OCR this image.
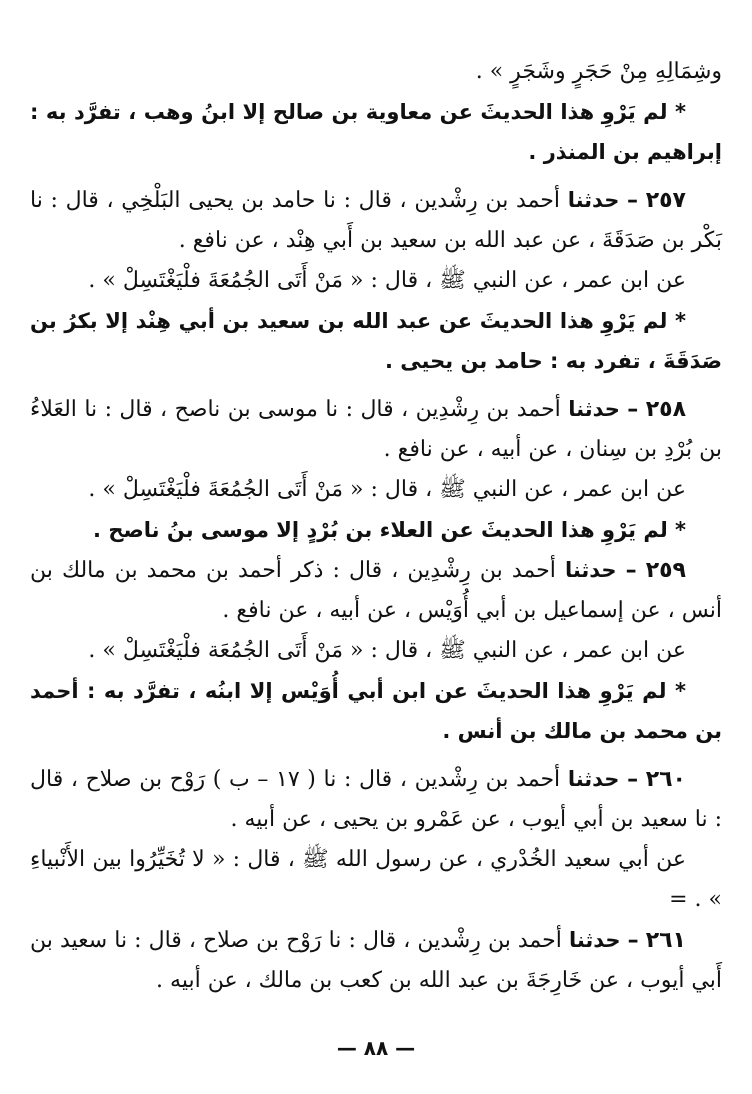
وشِمَالِهِ مِنْ حَجَرٍ وشَجَرٍ » .

* لم يَرْوِ هذا الحديثَ عن معاوية بن صالح إلا ابنُ وهب ، تفرَّد به : إبراهيم بن المنذر .

٢٥٧ – حدثنا أحمد بن رِشْدين ، قال : نا حامد بن يحيى البَلْخِي ، قال : نا بَكْر بن صَدَقَةَ ، عن عبد الله بن سعيد بن أَبي هِنْد ، عن نافع .

عن ابن عمر ، عن النبي ﷺ ، قال : « مَنْ أَتَى الجُمُعَةَ فلْيَغْتَسِلْ » .

* لم يَرْوِ هذا الحديثَ عن عبد الله بن سعيد بن أبي هِنْد إلا بكرُ بن صَدَقَةَ ، تفرد به : حامد بن يحيى .

٢٥٨ – حدثنا أحمد بن رِشْدِين ، قال : نا موسى بن ناصح ، قال : نا العَلاءُ بن بُرْدِ بن سِنان ، عن أبيه ، عن نافع .

عن ابن عمر ، عن النبي ﷺ ، قال : « مَنْ أَتَى الجُمُعَةَ فلْيَغْتَسِلْ » .

* لم يَرْوِ هذا الحديثَ عن العلاء بن بُرْدٍ إلا موسى بنُ ناصح .

٢٥٩ – حدثنا أحمد بن رِشْدِين ، قال : ذكر أحمد بن محمد بن مالك بن أنس ، عن إسماعيل بن أبي أُوَيْس ، عن أبيه ، عن نافع .

عن ابن عمر ، عن النبي ﷺ ، قال : « مَنْ أَتَى الجُمُعَة فلْيَغْتَسِلْ » .

* لم يَرْوِ هذا الحديثَ عن ابن أبي أُوَيْس إلا ابنُه ، تفرَّد به : أحمد بن محمد بن مالك بن أنس .

٢٦٠ – حدثنا أحمد بن رِشْدين ، قال : نا ( ١٧ – ب ) رَوْح بن صلاح ، قال : نا سعيد بن أبي أيوب ، عن عَمْرو بن يحيى ، عن أبيه .

عن أبي سعيد الخُدْري ، عن رسول الله ﷺ ، قال : « لا تُخَيِّرُوا بين الأَنْبياءِ » . =

٢٦١ – حدثنا أحمد بن رِشْدين ، قال : نا رَوْح بن صلاح ، قال : نا سعيد بن أَبي أيوب ، عن خَارِجَةَ بن عبد الله بن كعب بن مالك ، عن أبيه .

— ٨٨ —
